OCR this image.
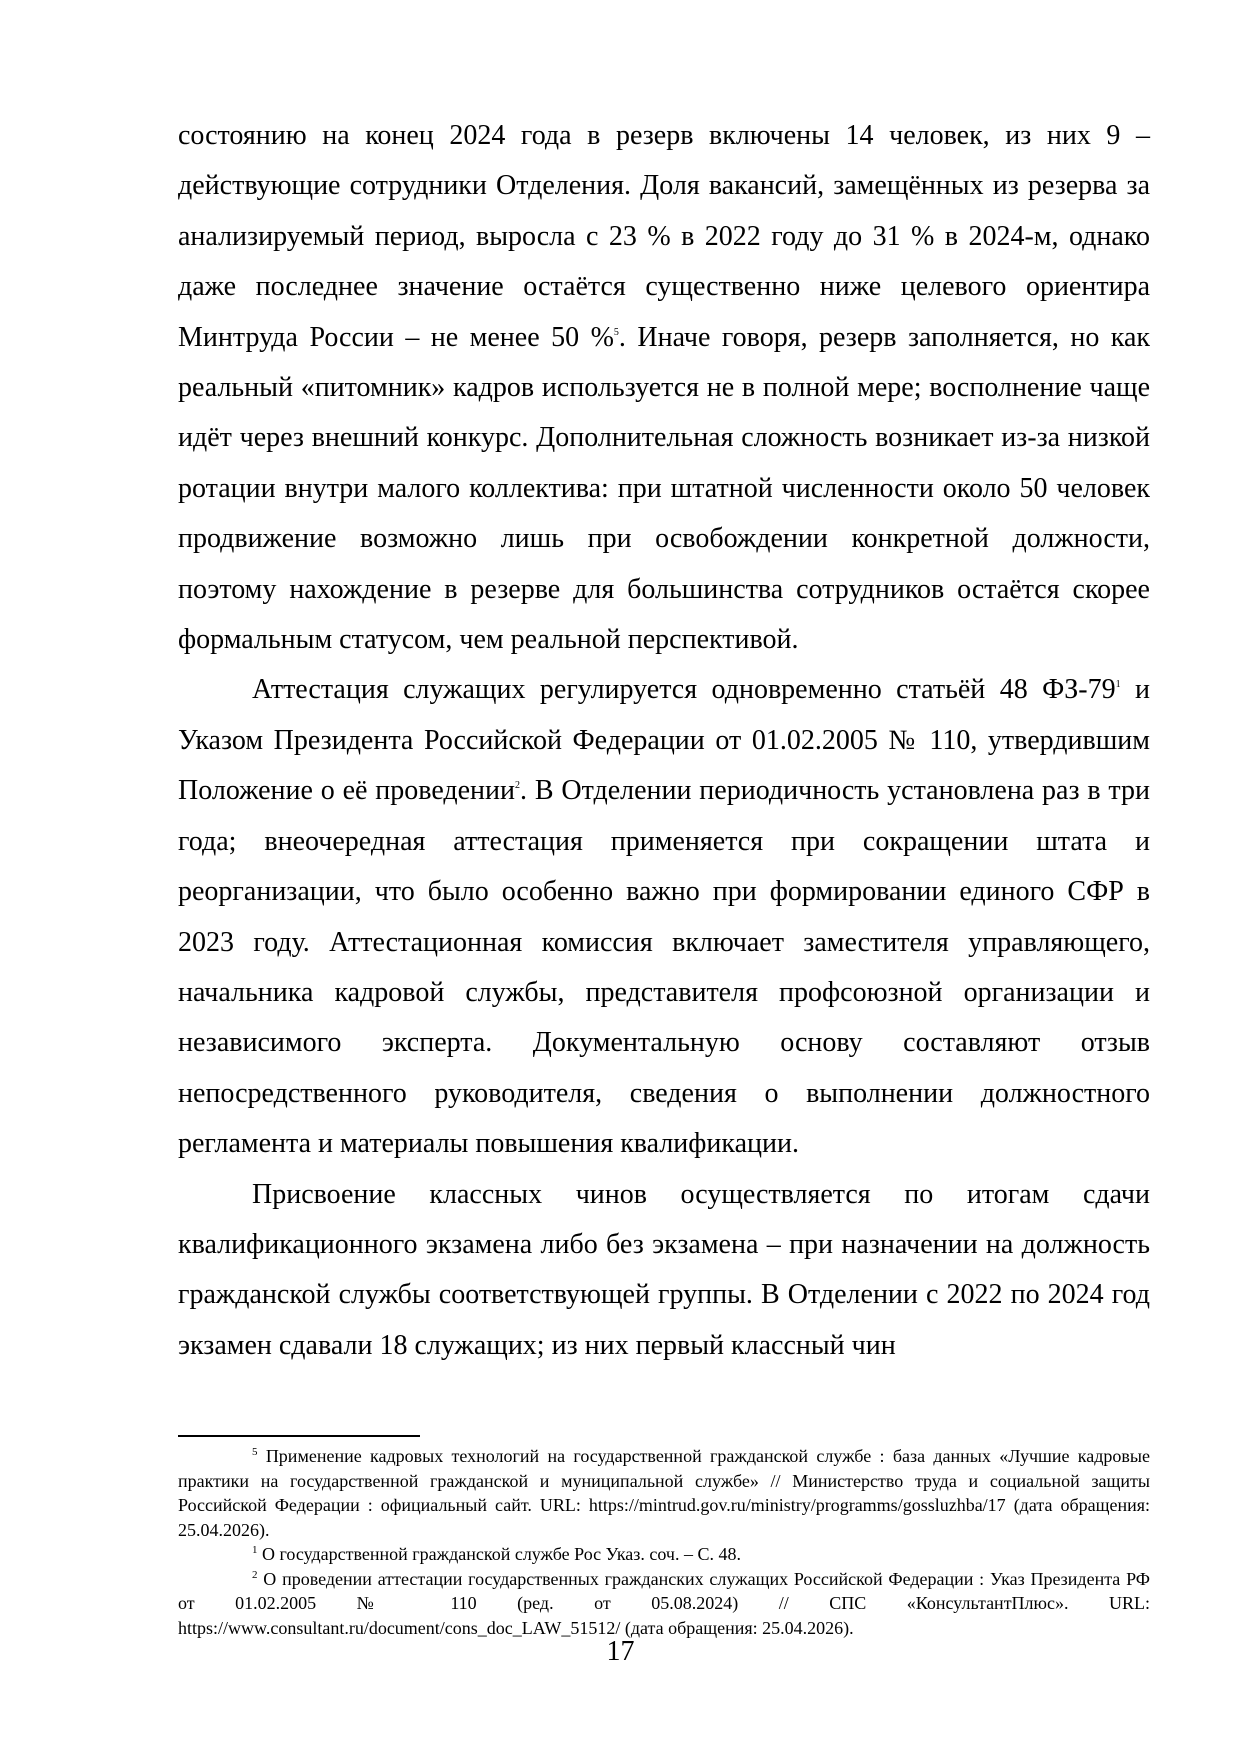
состоянию на конец 2024 года в резерв включены 14 человек, из них 9 – действующие сотрудники Отделения. Доля вакансий, замещённых из резерва за анализируемый период, выросла с 23 % в 2022 году до 31 % в 2024-м, однако даже последнее значение остаётся существенно ниже целевого ориентира Минтруда России – не менее 50 %$^5$. Иначе говоря, резерв заполняется, но как реальный «питомник» кадров используется не в полной мере; восполнение чаще идёт через внешний конкурс. Дополнительная сложность возникает из-за низкой ротации внутри малого коллектива: при штатной численности около 50 человек продвижение возможно лишь при освобождении конкретной должности, поэтому нахождение в резерве для большинства сотрудников остаётся скорее формальным статусом, чем реальной перспективой.

Аттестация служащих регулируется одновременно статьёй 48 ФЗ-79$^1$ и Указом Президента Российской Федерации от 01.02.2005 № 110, утвердившим Положение о её проведении$^2$. В Отделении периодичность установлена раз в три года; внеочередная аттестация применяется при сокращении штата и реорганизации, что было особенно важно при формировании единого СФР в 2023 году. Аттестационная комиссия включает заместителя управляющего, начальника кадровой службы, представителя профсоюзной организации и независимого эксперта. Документальную основу составляют отзыв непосредственного руководителя, сведения о выполнении должностного регламента и материалы повышения квалификации.

Присвоение классных чинов осуществляется по итогам сдачи квалификационного экзамена либо без экзамена – при назначении на должность гражданской службы соответствующей группы. В Отделении с 2022 по 2024 год экзамен сдавали 18 служащих; из них первый классный чин

$^5$ Применение кадровых технологий на государственной гражданской службе : база данных «Лучшие кадровые практики на государственной гражданской и муниципальной службе» // Министерство труда и социальной защиты Российской Федерации : официальный сайт. URL: https://mintrud.gov.ru/ministry/programms/gossluzhba/17 (дата обращения: 25.04.2026).

$^1$ О государственной гражданской службе Рос Указ. соч. – С. 48.

$^2$ О проведении аттестации государственных гражданских служащих Российской Федерации : Указ Президента РФ от 01.02.2005 № 110 (ред. от 05.08.2024) // СПС «КонсультантПлюс». URL: https://www.consultant.ru/document/cons_doc_LAW_51512/ (дата обращения: 25.04.2026).

17
